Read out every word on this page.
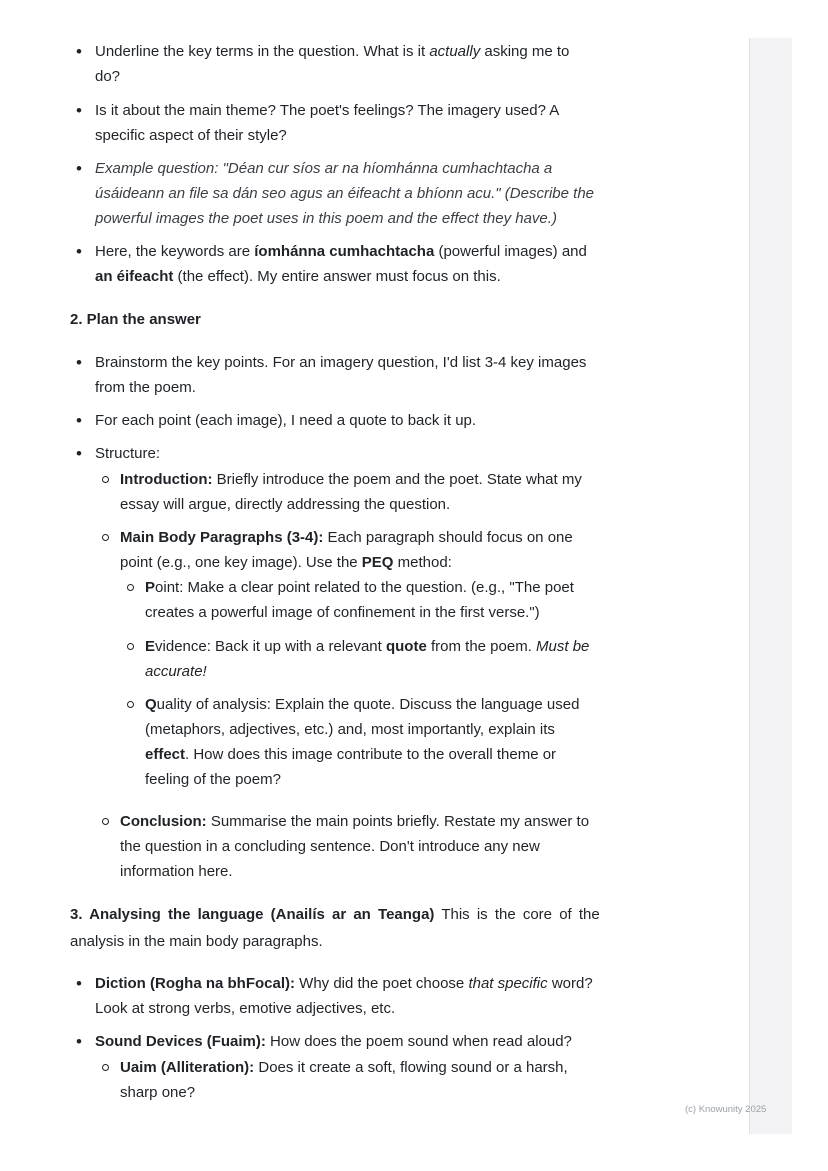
•
Underline the key terms in the question. What is it actually asking me to
do?
•
Is it about the main theme? The poet's feelings? The imagery used? A
specific aspect of their style?
•
Example question: "Déan cur síos ar na híomhánna cumhachtacha a
úsáideann an file sa dán seo agus an éifeacht a bhíonn acu." (Describe the
powerful images the poet uses in this poem and the effect they have.)
•
Here, the keywords are íomhánna cumhachtacha (powerful images) and
an éifeacht (the effect). My entire answer must focus on this.
2. Plan the answer
•
Brainstorm the key points. For an imagery question, I'd list 3-4 key images
from the poem.
•
For each point (each image), I need a quote to back it up.
•
Structure:
Introduction: Briefly introduce the poem and the poet. State what my
essay will argue, directly addressing the question.
Main Body Paragraphs (3-4): Each paragraph should focus on one
point (e.g., one key image). Use the PEQ method:
Point: Make a clear point related to the question. (e.g., "The poet
creates a powerful image of confinement in the first verse.")
Evidence: Back it up with a relevant quote from the poem. Must be
accurate!
Quality of analysis: Explain the quote. Discuss the language used
(metaphors, adjectives, etc.) and, most importantly, explain its
effect. How does this image contribute to the overall theme or
feeling of the poem?
Conclusion: Summarise the main points briefly. Restate my answer to
the question in a concluding sentence. Don't introduce any new
information here.
3. Analysing the language (Anailís ar an Teanga) This is the core of the
analysis in the main body paragraphs.
•
Diction (Rogha na bhFocal): Why did the poet choose that specific word?
Look at strong verbs, emotive adjectives, etc.
•
Sound Devices (Fuaim): How does the poem sound when read aloud?
Uaim (Alliteration): Does it create a soft, flowing sound or a harsh,
sharp one?
(c) Knowunity 2025
